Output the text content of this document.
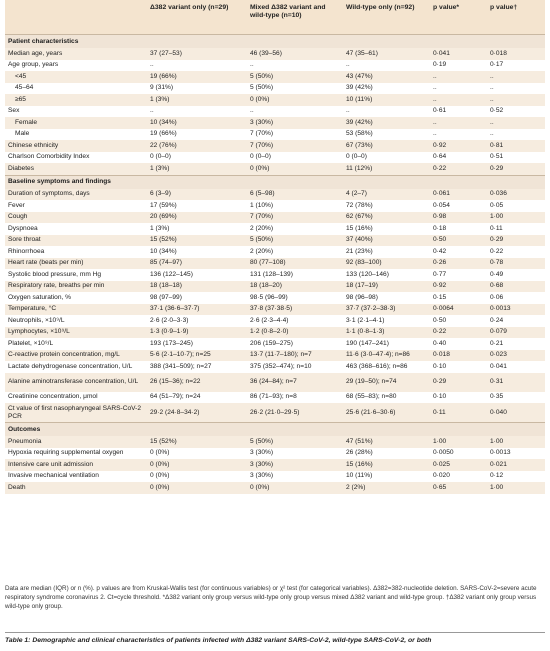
	Δ382 variant only (n=29)	Mixed Δ382 variant and wild-type (n=10)	Wild-type only (n=92)	p value*	p value†
Patient characteristics					
Median age, years	37 (27–53)	46 (39–56)	47 (35–61)	0·041	0·018
Age group, years	..	..	..	0·19	0·17
<45	19 (66%)	5 (50%)	43 (47%)	..	..
45–64	9 (31%)	5 (50%)	39 (42%)	..	..
≥65	1 (3%)	0 (0%)	10 (11%)	..	..
Sex	..	..	..	0·61	0·52
Female	10 (34%)	3 (30%)	39 (42%)	..	..
Male	19 (66%)	7 (70%)	53 (58%)	..	..
Chinese ethnicity	22 (76%)	7 (70%)	67 (73%)	0·92	0·81
Charlson Comorbidity Index	0 (0–0)	0 (0–0)	0 (0–0)	0·64	0·51
Diabetes	1 (3%)	0 (0%)	11 (12%)	0·22	0·29
Baseline symptoms and findings					
Duration of symptoms, days	6 (3–9)	6 (5–98)	4 (2–7)	0·061	0·036
Fever	17 (59%)	1 (10%)	72 (78%)	0·054	0·05
Cough	20 (69%)	7 (70%)	62 (67%)	0·98	1·00
Dyspnoea	1 (3%)	2 (20%)	15 (16%)	0·18	0·11
Sore throat	15 (52%)	5 (50%)	37 (40%)	0·50	0·29
Rhinorrhoea	10 (34%)	2 (20%)	21 (23%)	0·42	0·22
Heart rate (beats per min)	85 (74–97)	80 (77–108)	92 (83–100)	0·26	0·78
Systolic blood pressure, mm Hg	136 (122–145)	131 (128–139)	133 (120–146)	0·77	0·49
Respiratory rate, breaths per min	18 (18–18)	18 (18–20)	18 (17–19)	0·92	0·68
Oxygen saturation, %	98 (97–99)	98·5 (96–99)	98 (96–98)	0·15	0·06
Temperature, °C	37·1 (36·6–37·7)	37·8 (37·38·5)	37·7 (37·2–38·3)	0·0064	0·0013
Neutrophils, ×10⁹/L	2·6 (2·0–3·3)	2·6 (2·3–4·4)	3·1 (2·1–4·1)	0·50	0·24
Lymphocytes, ×10⁹/L	1·3 (0·9–1·9)	1·2 (0·8–2·0)	1·1 (0·8–1·3)	0·22	0·079
Platelet, ×10⁹/L	193 (173–245)	206 (159–275)	190 (147–241)	0·40	0·21
C-reactive protein concentration, mg/L	5·6 (2·1–10·7); n=25	13·7 (11·7–180); n=7	11·6 (3·0–47·4); n=86	0·018	0·023
Lactate dehydrogenase concentration, U/L	388 (341–509); n=27	375 (352–474); n=10	463 (368–616); n=86	0·10	0·041
Alanine aminotransferase concentration, U/L	26 (15–36); n=22	36 (24–84); n=7	29 (19–50); n=74	0·29	0·31
Creatinine concentration, μmol	64 (51–79); n=24	86 (71–93); n=8	68 (55–83); n=80	0·10	0·35
Ct value of first nasopharyngeal SARS-CoV-2 PCR	29·2 (24·8–34·2)	26·2 (21·0–29·5)	25·6 (21·6–30·6)	0·11	0·040
Outcomes					
Pneumonia	15 (52%)	5 (50%)	47 (51%)	1·00	1·00
Hypoxia requiring supplemental oxygen	0 (0%)	3 (30%)	26 (28%)	0·0050	0·0013
Intensive care unit admission	0 (0%)	3 (30%)	15 (16%)	0·025	0·021
Invasive mechanical ventilation	0 (0%)	3 (30%)	10 (11%)	0·020	0·12
Death	0 (0%)	0 (0%)	2 (2%)	0·65	1·00
Data are median (IQR) or n (%). p values are from Kruskal-Wallis test (for continuous variables) or χ² test (for categorical variables). Δ382=382-nucleotide deletion. SARS-CoV-2=severe acute respiratory syndrome coronavirus 2. Ct=cycle threshold. *Δ382 variant only group versus wild-type only group versus mixed Δ382 variant and wild-type group. †Δ382 variant only group versus wild-type only group.
Table 1: Demographic and clinical characteristics of patients infected with Δ382 variant SARS-CoV-2, wild-type SARS-CoV-2, or both
